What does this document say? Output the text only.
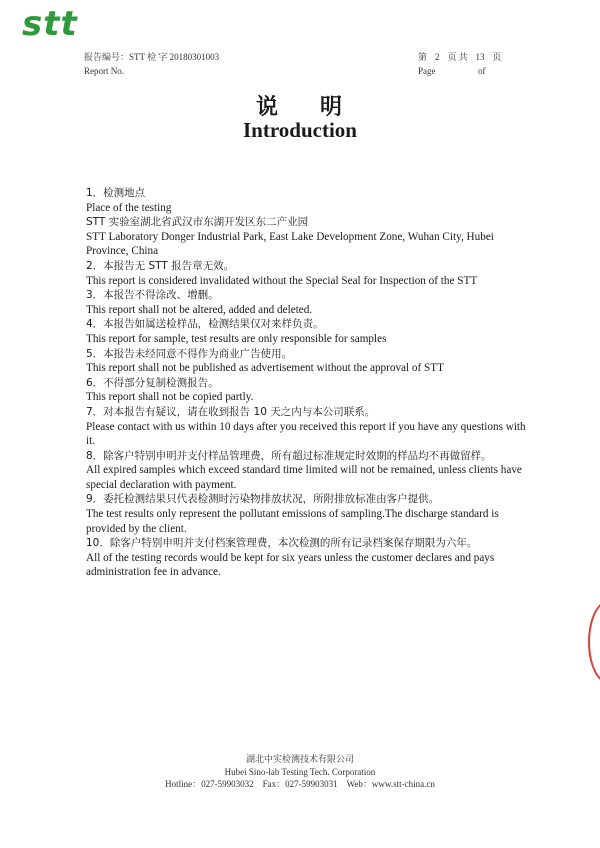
stt
报告编号：STT 检 字 20180301003
Report No.
第 2 页 共 13 页
Page	of
说 明
Introduction

1．检测地点

Place of the testing

STT 实验室湖北省武汉市东湖开发区东二产业园

STT Laboratory Donger Industrial Park, East Lake Development Zone, Wuhan City, Hubei Province, China

2．本报告无 STT 报告章无效。

This report is considered invalidated without the Special Seal for Inspection of the STT

3．本报告不得涂改、增删。

This report shall not be altered, added and deleted.

4．本报告如属送检样品，检测结果仅对来样负责。

This report for sample, test results are only responsible for samples

5．本报告未经同意不得作为商业广告使用。

This report shall not be published as advertisement without the approval of STT

6．不得部分复制检测报告。

This report shall not be copied partly.

7．对本报告有疑议，请在收到报告 10 天之内与本公司联系。

Please contact with us within 10 days after you received this report if you have any questions with it.

8．除客户特别申明并支付样品管理费，所有超过标准规定时效期的样品均不再做留样。

All expired samples which exceed standard time limited will not be remained, unless clients have special declaration with payment.

9．委托检测结果只代表检测时污染物排放状况，所附排放标准由客户提供。

The test results only represent the pollutant emissions of sampling.The discharge standard is provided by the client.

10．除客户特别申明并支付档案管理费，本次检测的所有记录档案保存期限为六年。

All of the testing records would be kept for six years unless the customer declares and pays administration fee in advance.

湖北中实检测技术有限公司
Hubei Sino-lab Testing Tech. Corporation
Hotline：027-59903032　Fax：027-59903031　Web：www.stt-china.cn
